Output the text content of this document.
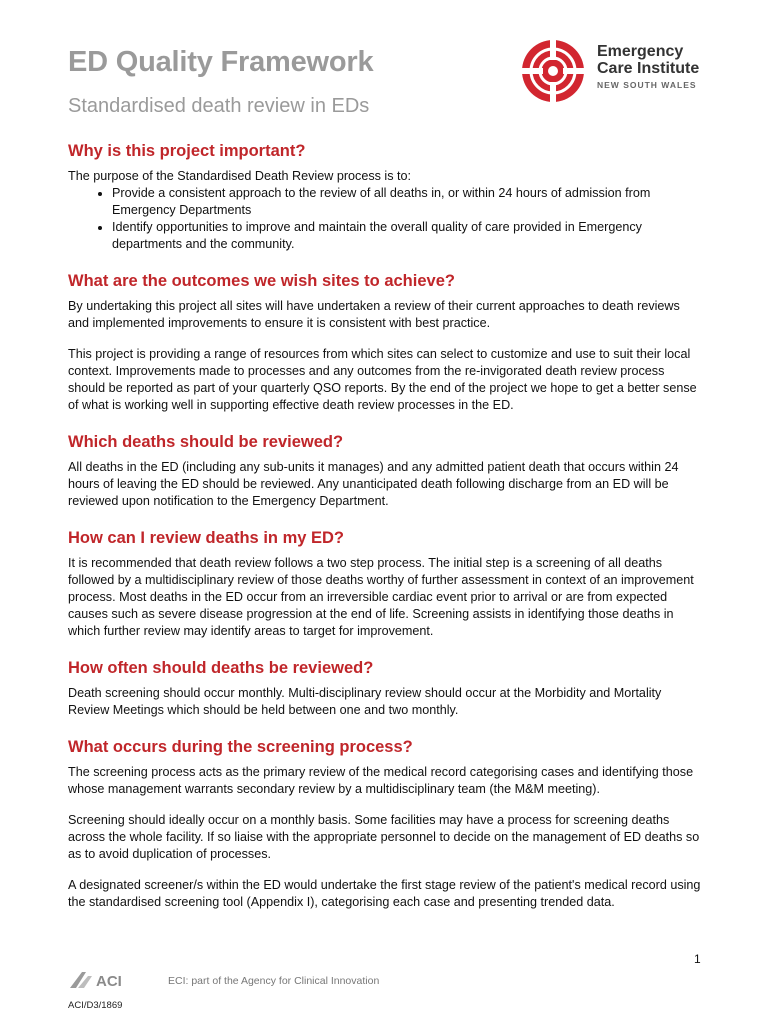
ED Quality Framework
Standardised death review in EDs
Emergency
Care Institute
NEW SOUTH WALES
Why is this project important?

The purpose of the Standardised Death Review process is to:

• Provide a consistent approach to the review of all deaths in, or within 24 hours of admission from Emergency Departments
• Identify opportunities to improve and maintain the overall quality of care provided in Emergency departments and the community.
What are the outcomes we wish sites to achieve?

By undertaking this project all sites will have undertaken a review of their current approaches to death reviews and implemented improvements to ensure it is consistent with best practice.

This project is providing a range of resources from which sites can select to customize and use to suit their local context. Improvements made to processes and any outcomes from the re-invigorated death review process should be reported as part of your quarterly QSO reports. By the end of the project we hope to get a better sense of what is working well in supporting effective death review processes in the ED.

Which deaths should be reviewed?

All deaths in the ED (including any sub-units it manages) and any admitted patient death that occurs within 24 hours of leaving the ED should be reviewed. Any unanticipated death following discharge from an ED will be reviewed upon notification to the Emergency Department.

How can I review deaths in my ED?

It is recommended that death review follows a two step process. The initial step is a screening of all deaths followed by a multidisciplinary review of those deaths worthy of further assessment in context of an improvement process. Most deaths in the ED occur from an irreversible cardiac event prior to arrival or are from expected causes such as severe disease progression at the end of life. Screening assists in identifying those deaths in which further review may identify areas to target for improvement.

How often should deaths be reviewed?

Death screening should occur monthly. Multi-disciplinary review should occur at the Morbidity and Mortality Review Meetings which should be held between one and two monthly.

What occurs during the screening process?

The screening process acts as the primary review of the medical record categorising cases and identifying those whose management warrants secondary review by a multidisciplinary team (the M&M meeting).

Screening should ideally occur on a monthly basis. Some facilities may have a process for screening deaths across the whole facility. If so liaise with the appropriate personnel to decide on the management of ED deaths so as to avoid duplication of processes.

A designated screener/s within the ED would undertake the first stage review of the patient's medical record using the standardised screening tool (Appendix I), categorising each case and presenting trended data.

1
ACI	ECI: part of the Agency for Clinical Innovation
ACI/D3/1869
